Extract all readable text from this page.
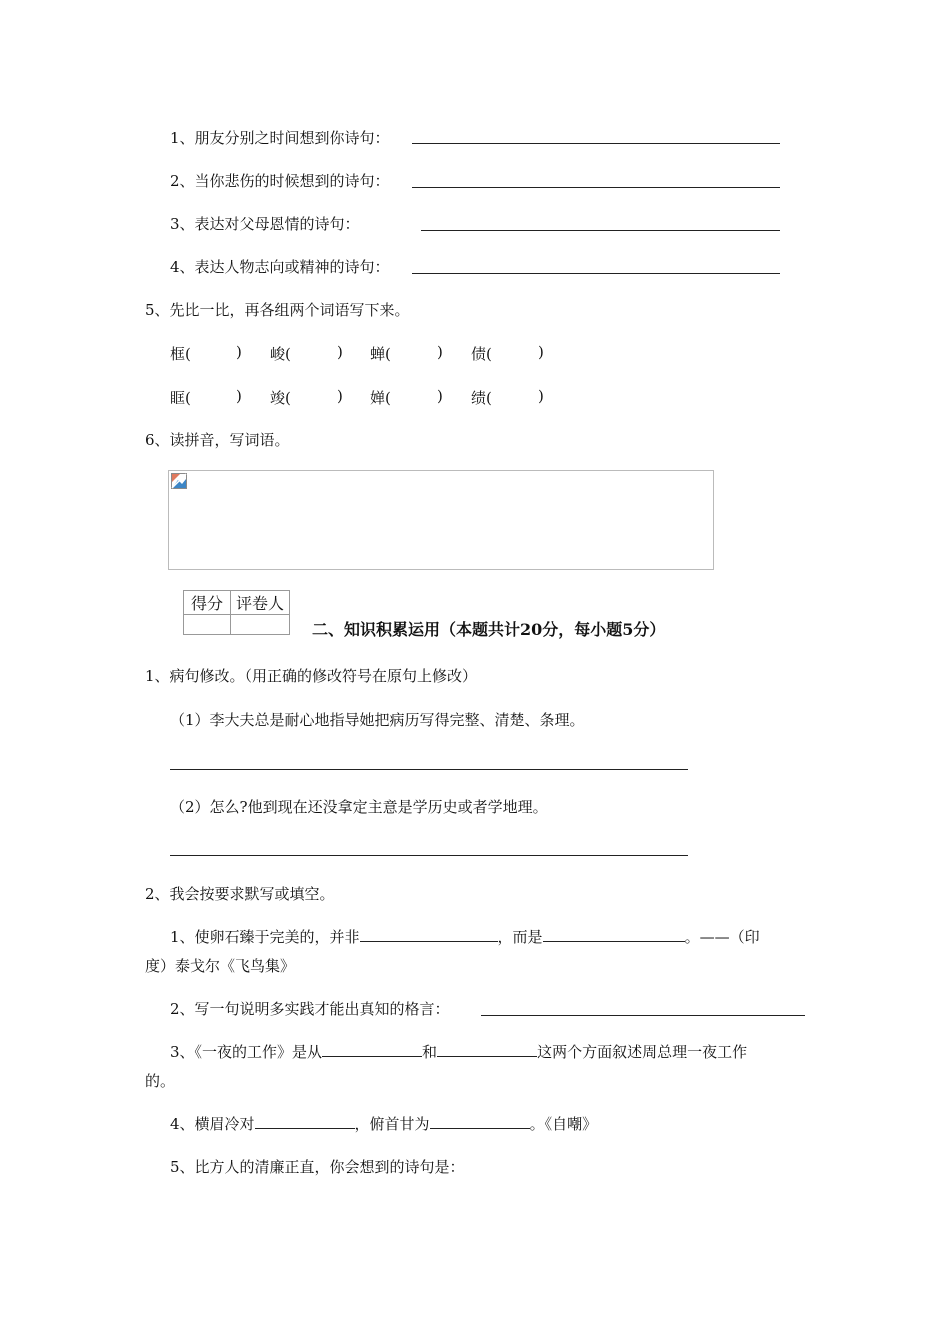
1、朋友分别之时间想到你诗句：
2、当你悲伤的时候想到的诗句：
3、表达对父母恩情的诗句：
4、表达人物志向或精神的诗句：
5、先比一比，再各组两个词语写下来。
框(	) 峻(	) 蝉(	) 债(	)
眶(	) 竣(	) 婵(	) 绩(	)
6、读拼音，写词语。
得分	评卷人

二、知识积累运用（本题共计20分，每小题5分）
1、病句修改。（用正确的修改符号在原句上修改）
（1）李大夫总是耐心地指导她把病历写得完整、清楚、条理。
（2）怎么?他到现在还没拿定主意是学历史或者学地理。
2、我会按要求默写或填空。
1、使卵石臻于完美的，并非	，而是	。——（印
度）泰戈尔《飞鸟集》
2、写一句说明多实践才能出真知的格言：
3、《一夜的工作》是从	和	这两个方面叙述周总理一夜工作
的。
4、横眉冷对	，俯首甘为	。《自嘲》
5、比方人的清廉正直，你会想到的诗句是：
